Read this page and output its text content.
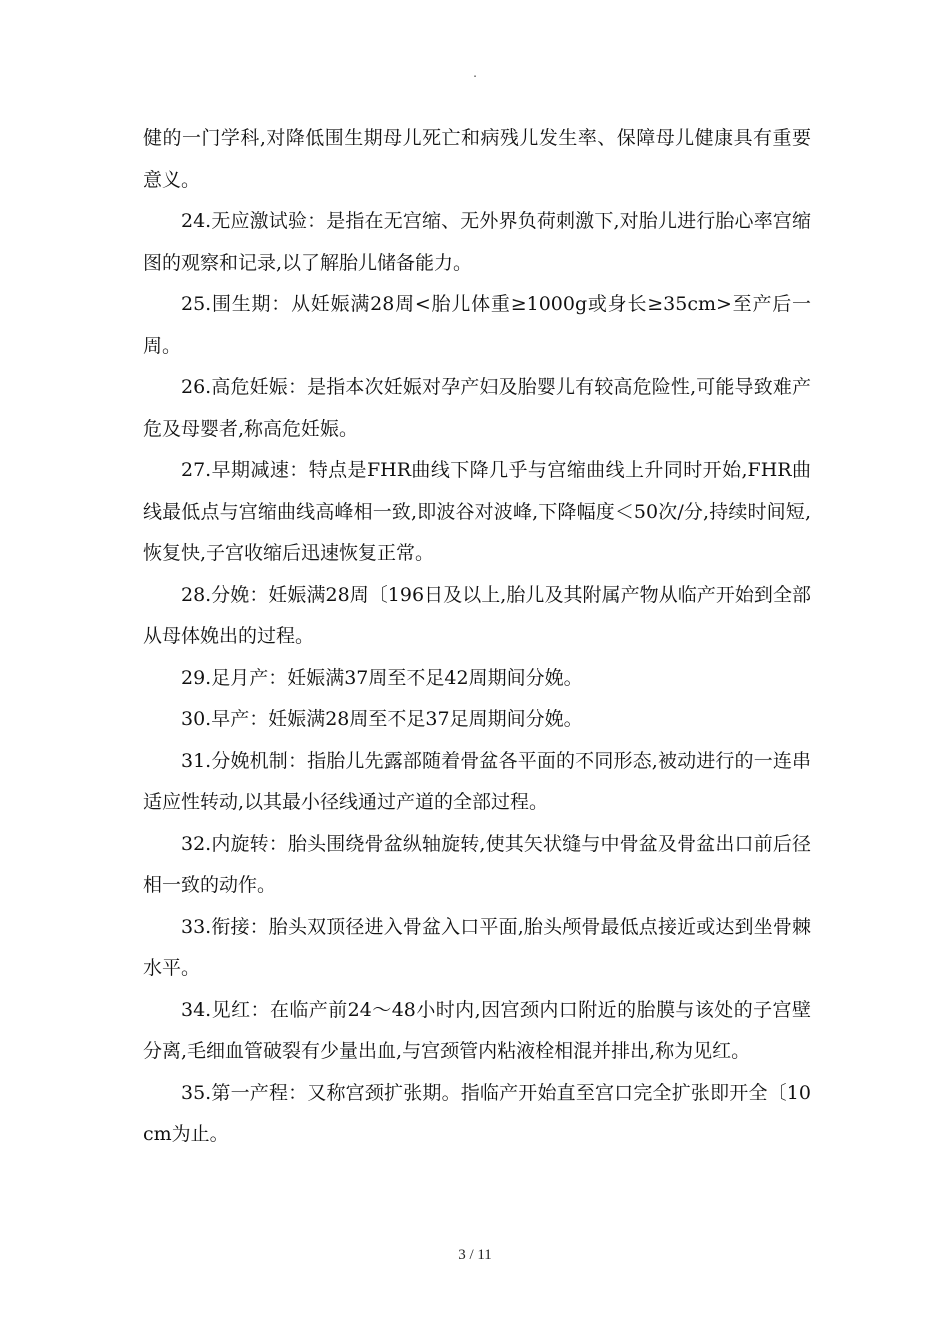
.

健的一门学科,对降低围生期母儿死亡和病残儿发生率、保障母儿健康具有重要意义。

24.无应激试验：是指在无宫缩、无外界负荷刺激下,对胎儿进行胎心率宫缩图的观察和记录,以了解胎儿储备能力。

25.围生期：从妊娠满28周<胎儿体重≥1000g或身长≥35cm>至产后一周。

26.高危妊娠：是指本次妊娠对孕产妇及胎婴儿有较高危险性,可能导致难产危及母婴者,称高危妊娠。

27.早期减速：特点是FHR曲线下降几乎与宫缩曲线上升同时开始,FHR曲线最低点与宫缩曲线高峰相一致,即波谷对波峰,下降幅度＜50次/分,持续时间短,恢复快,子宫收缩后迅速恢复正常。

28.分娩：妊娠满28周〔196日及以上,胎儿及其附属产物从临产开始到全部从母体娩出的过程。

29.足月产：妊娠满37周至不足42周期间分娩。

30.早产：妊娠满28周至不足37足周期间分娩。

31.分娩机制：指胎儿先露部随着骨盆各平面的不同形态,被动进行的一连串适应性转动,以其最小径线通过产道的全部过程。

32.内旋转：胎头围绕骨盆纵轴旋转,使其矢状缝与中骨盆及骨盆出口前后径相一致的动作。

33.衔接：胎头双顶径进入骨盆入口平面,胎头颅骨最低点接近或达到坐骨棘水平。

34.见红：在临产前24～48小时内,因宫颈内口附近的胎膜与该处的子宫壁分离,毛细血管破裂有少量出血,与宫颈管内粘液栓相混并排出,称为见红。

35.第一产程：又称宫颈扩张期。指临产开始直至宫口完全扩张即开全〔10cm为止。

3 / 11
